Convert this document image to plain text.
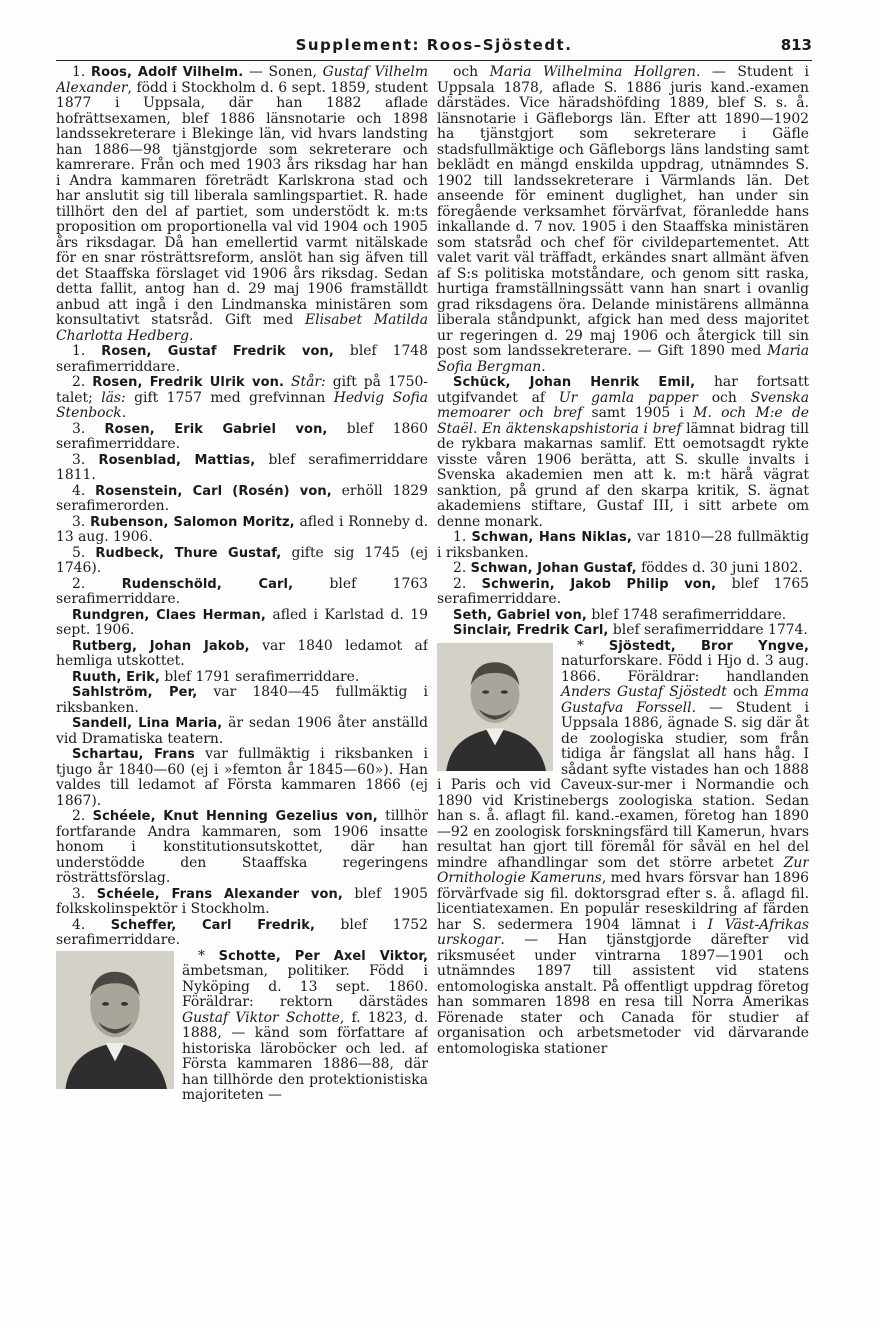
Supplement: Roos–Sjöstedt.	813

1. Roos, Adolf Vilhelm. — Sonen, Gustaf Vilhelm Alexander, född i Stockholm d. 6 sept. 1859, student 1877 i Uppsala, där han 1882 aflade hofrättsexamen, blef 1886 länsnotarie och 1898 landssekreterare i Blekinge län, vid hvars landsting han 1886—98 tjänstgjorde som sekreterare och kamrerare. Från och med 1903 års riksdag har han i Andra kammaren företrädt Karlskrona stad och har anslutit sig till liberala samlingspartiet. R. hade tillhört den del af partiet, som understödt k. m:ts proposition om proportionella val vid 1904 och 1905 års riksdagar. Då han emellertid varmt nitälskade för en snar rösträttsreform, anslöt han sig äfven till det Staaffska förslaget vid 1906 års riksdag. Sedan detta fallit, antog han d. 29 maj 1906 framställdt anbud att ingå i den Lindmanska ministären som konsultativt statsråd. Gift med Elisabet Matilda Charlotta Hedberg.

1. Rosen, Gustaf Fredrik von, blef 1748 serafimerriddare.

2. Rosen, Fredrik Ulrik von. Står: gift på 1750-talet; läs: gift 1757 med grefvinnan Hedvig Sofia Stenbock.

3. Rosen, Erik Gabriel von, blef 1860 serafimerriddare.

3. Rosenblad, Mattias, blef serafimerriddare 1811.

4. Rosenstein, Carl (Rosén) von, erhöll 1829 serafimerorden.

3. Rubenson, Salomon Moritz, afled i Ronneby d. 13 aug. 1906.

5. Rudbeck, Thure Gustaf, gifte sig 1745 (ej 1746).

2. Rudenschöld, Carl, blef 1763 serafimerriddare.

Rundgren, Claes Herman, afled i Karlstad d. 19 sept. 1906.

Rutberg, Johan Jakob, var 1840 ledamot af hemliga utskottet.

Ruuth, Erik, blef 1791 serafimerriddare.

Sahlström, Per, var 1840—45 fullmäktig i riksbanken.

Sandell, Lina Maria, är sedan 1906 åter anställd vid Dramatiska teatern.

Schartau, Frans var fullmäktig i riksbanken i tjugo år 1840—60 (ej i »femton år 1845—60»). Han valdes till ledamot af Första kammaren 1866 (ej 1867).

2. Schéele, Knut Henning Gezelius von, tillhör fortfarande Andra kammaren, som 1906 insatte honom i konstitutionsutskottet, där han understödde den Staaffska regeringens rösträttsförslag.

3. Schéele, Frans Alexander von, blef 1905 folkskolinspektör i Stockholm.

4. Scheffer, Carl Fredrik, blef 1752 serafimerriddare.

* Schotte, Per Axel Viktor, ämbetsman, politiker. Född i Nyköping d. 13 sept. 1860. Föräldrar: rektorn därstädes Gustaf Viktor Schotte, f. 1823, d. 1888, — känd som författare af historiska läroböcker och led. af Första kammaren 1886—88, där han tillhörde den protektionistiska majoriteten —

och Maria Wilhelmina Hollgren. — Student i Uppsala 1878, aflade S. 1886 juris kand.-examen därstädes. Vice häradshöfding 1889, blef S. s. å. länsnotarie i Gäfleborgs län. Efter att 1890—1902 ha tjänstgjort som sekreterare i Gäfle stadsfullmäktige och Gäfleborgs läns landsting samt beklädt en mängd enskilda uppdrag, utnämndes S. 1902 till landssekreterare i Värmlands län. Det anseende för eminent duglighet, han under sin föregående verksamhet förvärfvat, föranledde hans inkallande d. 7 nov. 1905 i den Staaffska ministären som statsråd och chef för civildepartementet. Att valet varit väl träffadt, erkändes snart allmänt äfven af S:s politiska motståndare, och genom sitt raska, hurtiga framställningssätt vann han snart i ovanlig grad riksdagens öra. Delande ministärens allmänna liberala ståndpunkt, afgick han med dess majoritet ur regeringen d. 29 maj 1906 och återgick till sin post som landssekreterare. — Gift 1890 med Maria Sofia Bergman.

Schück, Johan Henrik Emil, har fortsatt utgifvandet af Ur gamla papper och Svenska memoarer och bref samt 1905 i M. och M:e de Staël. En äktenskapshistoria i bref lämnat bidrag till de rykbara makarnas samlif. Ett oemotsagdt rykte visste våren 1906 berätta, att S. skulle invalts i Svenska akademien men att k. m:t härå vägrat sanktion, på grund af den skarpa kritik, S. ägnat akademiens stiftare, Gustaf III, i sitt arbete om denne monark.

1. Schwan, Hans Niklas, var 1810—28 fullmäktig i riksbanken.

2. Schwan, Johan Gustaf, föddes d. 30 juni 1802.

2. Schwerin, Jakob Philip von, blef 1765 serafimerriddare.

Seth, Gabriel von, blef 1748 serafimerriddare.

Sinclair, Fredrik Carl, blef serafimerriddare 1774.

* Sjöstedt, Bror Yngve, naturforskare. Född i Hjo d. 3 aug. 1866. Föräldrar: handlanden Anders Gustaf Sjöstedt och Emma Gustafva Forssell. — Student i Uppsala 1886, ägnade S. sig där åt de zoologiska studier, som från tidiga år fängslat all hans håg. I sådant syfte vistades han och 1888 i Paris och vid Caveux-sur-mer i Normandie och 1890 vid Kristinebergs zoologiska station. Sedan han s. å. aflagt fil. kand.-examen, företog han 1890—92 en zoologisk forskningsfärd till Kamerun, hvars resultat han gjort till föremål för såväl en hel del mindre afhandlingar som det större arbetet Zur Ornithologie Kameruns, med hvars försvar han 1896 förvärfvade sig fil. doktorsgrad efter s. å. aflagd fil. licentiatexamen. En populär reseskildring af färden har S. sedermera 1904 lämnat i I Väst-Afrikas urskogar. — Han tjänstgjorde därefter vid riksmuséet under vintrarna 1897—1901 och utnämndes 1897 till assistent vid statens entomologiska anstalt. På offentligt uppdrag företog han sommaren 1898 en resa till Norra Amerikas Förenade stater och Canada för studier af organisation och arbetsmetoder vid därvarande entomologiska stationer
